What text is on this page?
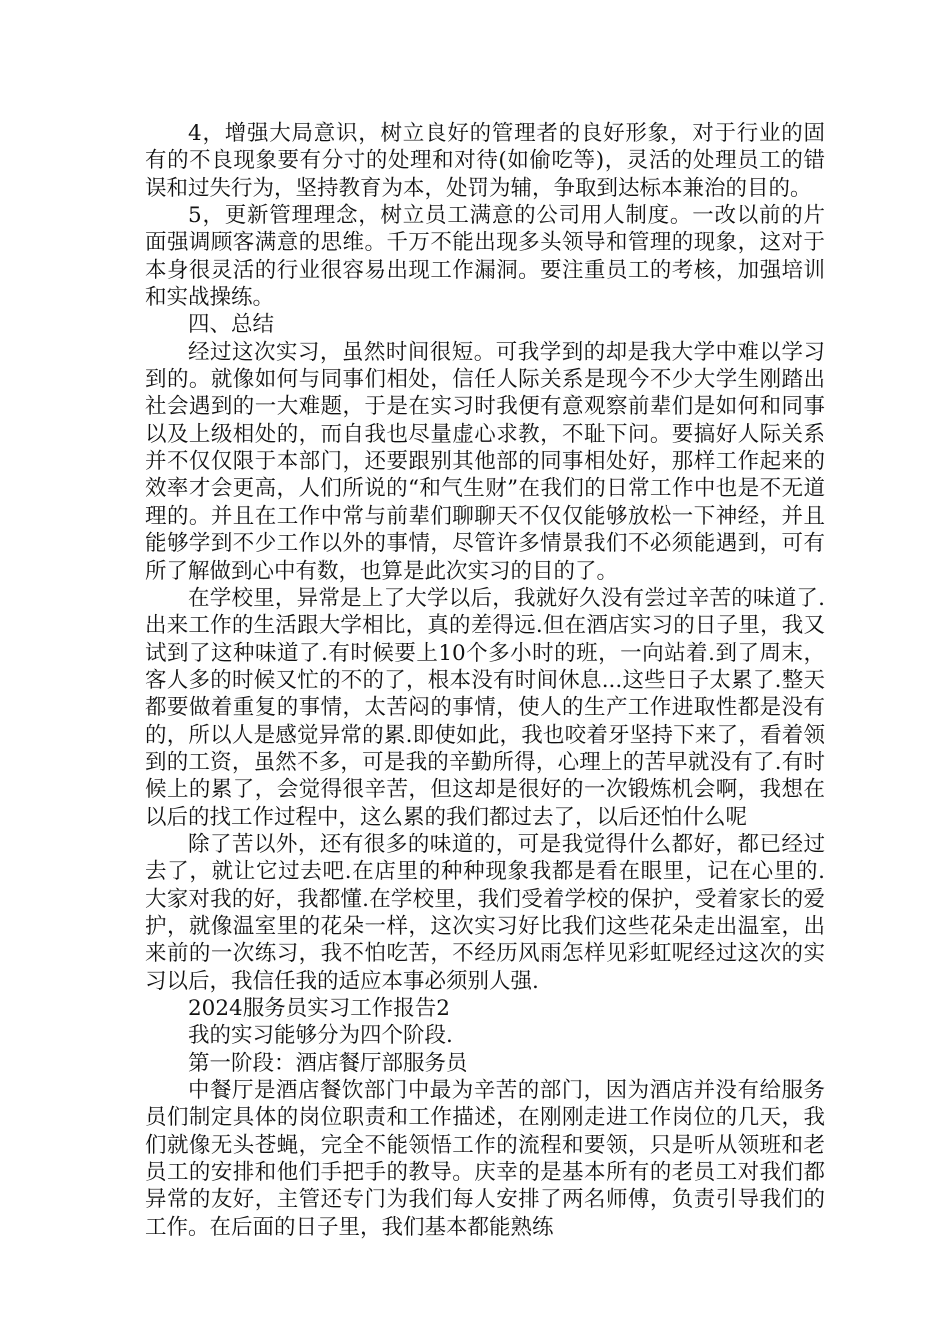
4，增强大局意识，树立良好的管理者的良好形象，对于行业的固有的不良现象要有分寸的处理和对待(如偷吃等)，灵活的处理员工的错误和过失行为，坚持教育为本，处罚为辅，争取到达标本兼治的目的。

5，更新管理理念，树立员工满意的公司用人制度。一改以前的片面强调顾客满意的思维。千万不能出现多头领导和管理的现象，这对于本身很灵活的行业很容易出现工作漏洞。要注重员工的考核，加强培训和实战操练。

四、总结

经过这次实习，虽然时间很短。可我学到的却是我大学中难以学习到的。就像如何与同事们相处，信任人际关系是现今不少大学生刚踏出社会遇到的一大难题，于是在实习时我便有意观察前辈们是如何和同事以及上级相处的，而自我也尽量虚心求教，不耻下问。要搞好人际关系并不仅仅限于本部门，还要跟别其他部的同事相处好，那样工作起来的效率才会更高，人们所说的“和气生财”在我们的日常工作中也是不无道理的。并且在工作中常与前辈们聊聊天不仅仅能够放松一下神经，并且能够学到不少工作以外的事情，尽管许多情景我们不必须能遇到，可有所了解做到心中有数，也算是此次实习的目的了。

在学校里，异常是上了大学以后，我就好久没有尝过辛苦的味道了.出来工作的生活跟大学相比，真的差得远.但在酒店实习的日子里，我又试到了这种味道了.有时候要上10个多小时的班，一向站着.到了周末，客人多的时候又忙的不的了，根本没有时间休息...这些日子太累了.整天都要做着重复的事情，太苦闷的事情，使人的生产工作进取性都是没有的，所以人是感觉异常的累.即使如此，我也咬着牙坚持下来了，看着领到的工资，虽然不多，可是我的辛勤所得，心理上的苦早就没有了.有时候上的累了，会觉得很辛苦，但这却是很好的一次锻炼机会啊，我想在以后的找工作过程中，这么累的我们都过去了，以后还怕什么呢

除了苦以外，还有很多的味道的，可是我觉得什么都好，都已经过去了，就让它过去吧.在店里的种种现象我都是看在眼里，记在心里的.大家对我的好，我都懂.在学校里，我们受着学校的保护，受着家长的爱护，就像温室里的花朵一样，这次实习好比我们这些花朵走出温室，出来前的一次练习，我不怕吃苦，不经历风雨怎样见彩虹呢经过这次的实习以后，我信任我的适应本事必须别人强.

2024服务员实习工作报告2

我的实习能够分为四个阶段.

第一阶段：酒店餐厅部服务员

中餐厅是酒店餐饮部门中最为辛苦的部门，因为酒店并没有给服务员们制定具体的岗位职责和工作描述，在刚刚走进工作岗位的几天，我们就像无头苍蝇，完全不能领悟工作的流程和要领，只是听从领班和老员工的安排和他们手把手的教导。庆幸的是基本所有的老员工对我们都异常的友好，主管还专门为我们每人安排了两名师傅，负责引导我们的工作。在后面的日子里，我们基本都能熟练
